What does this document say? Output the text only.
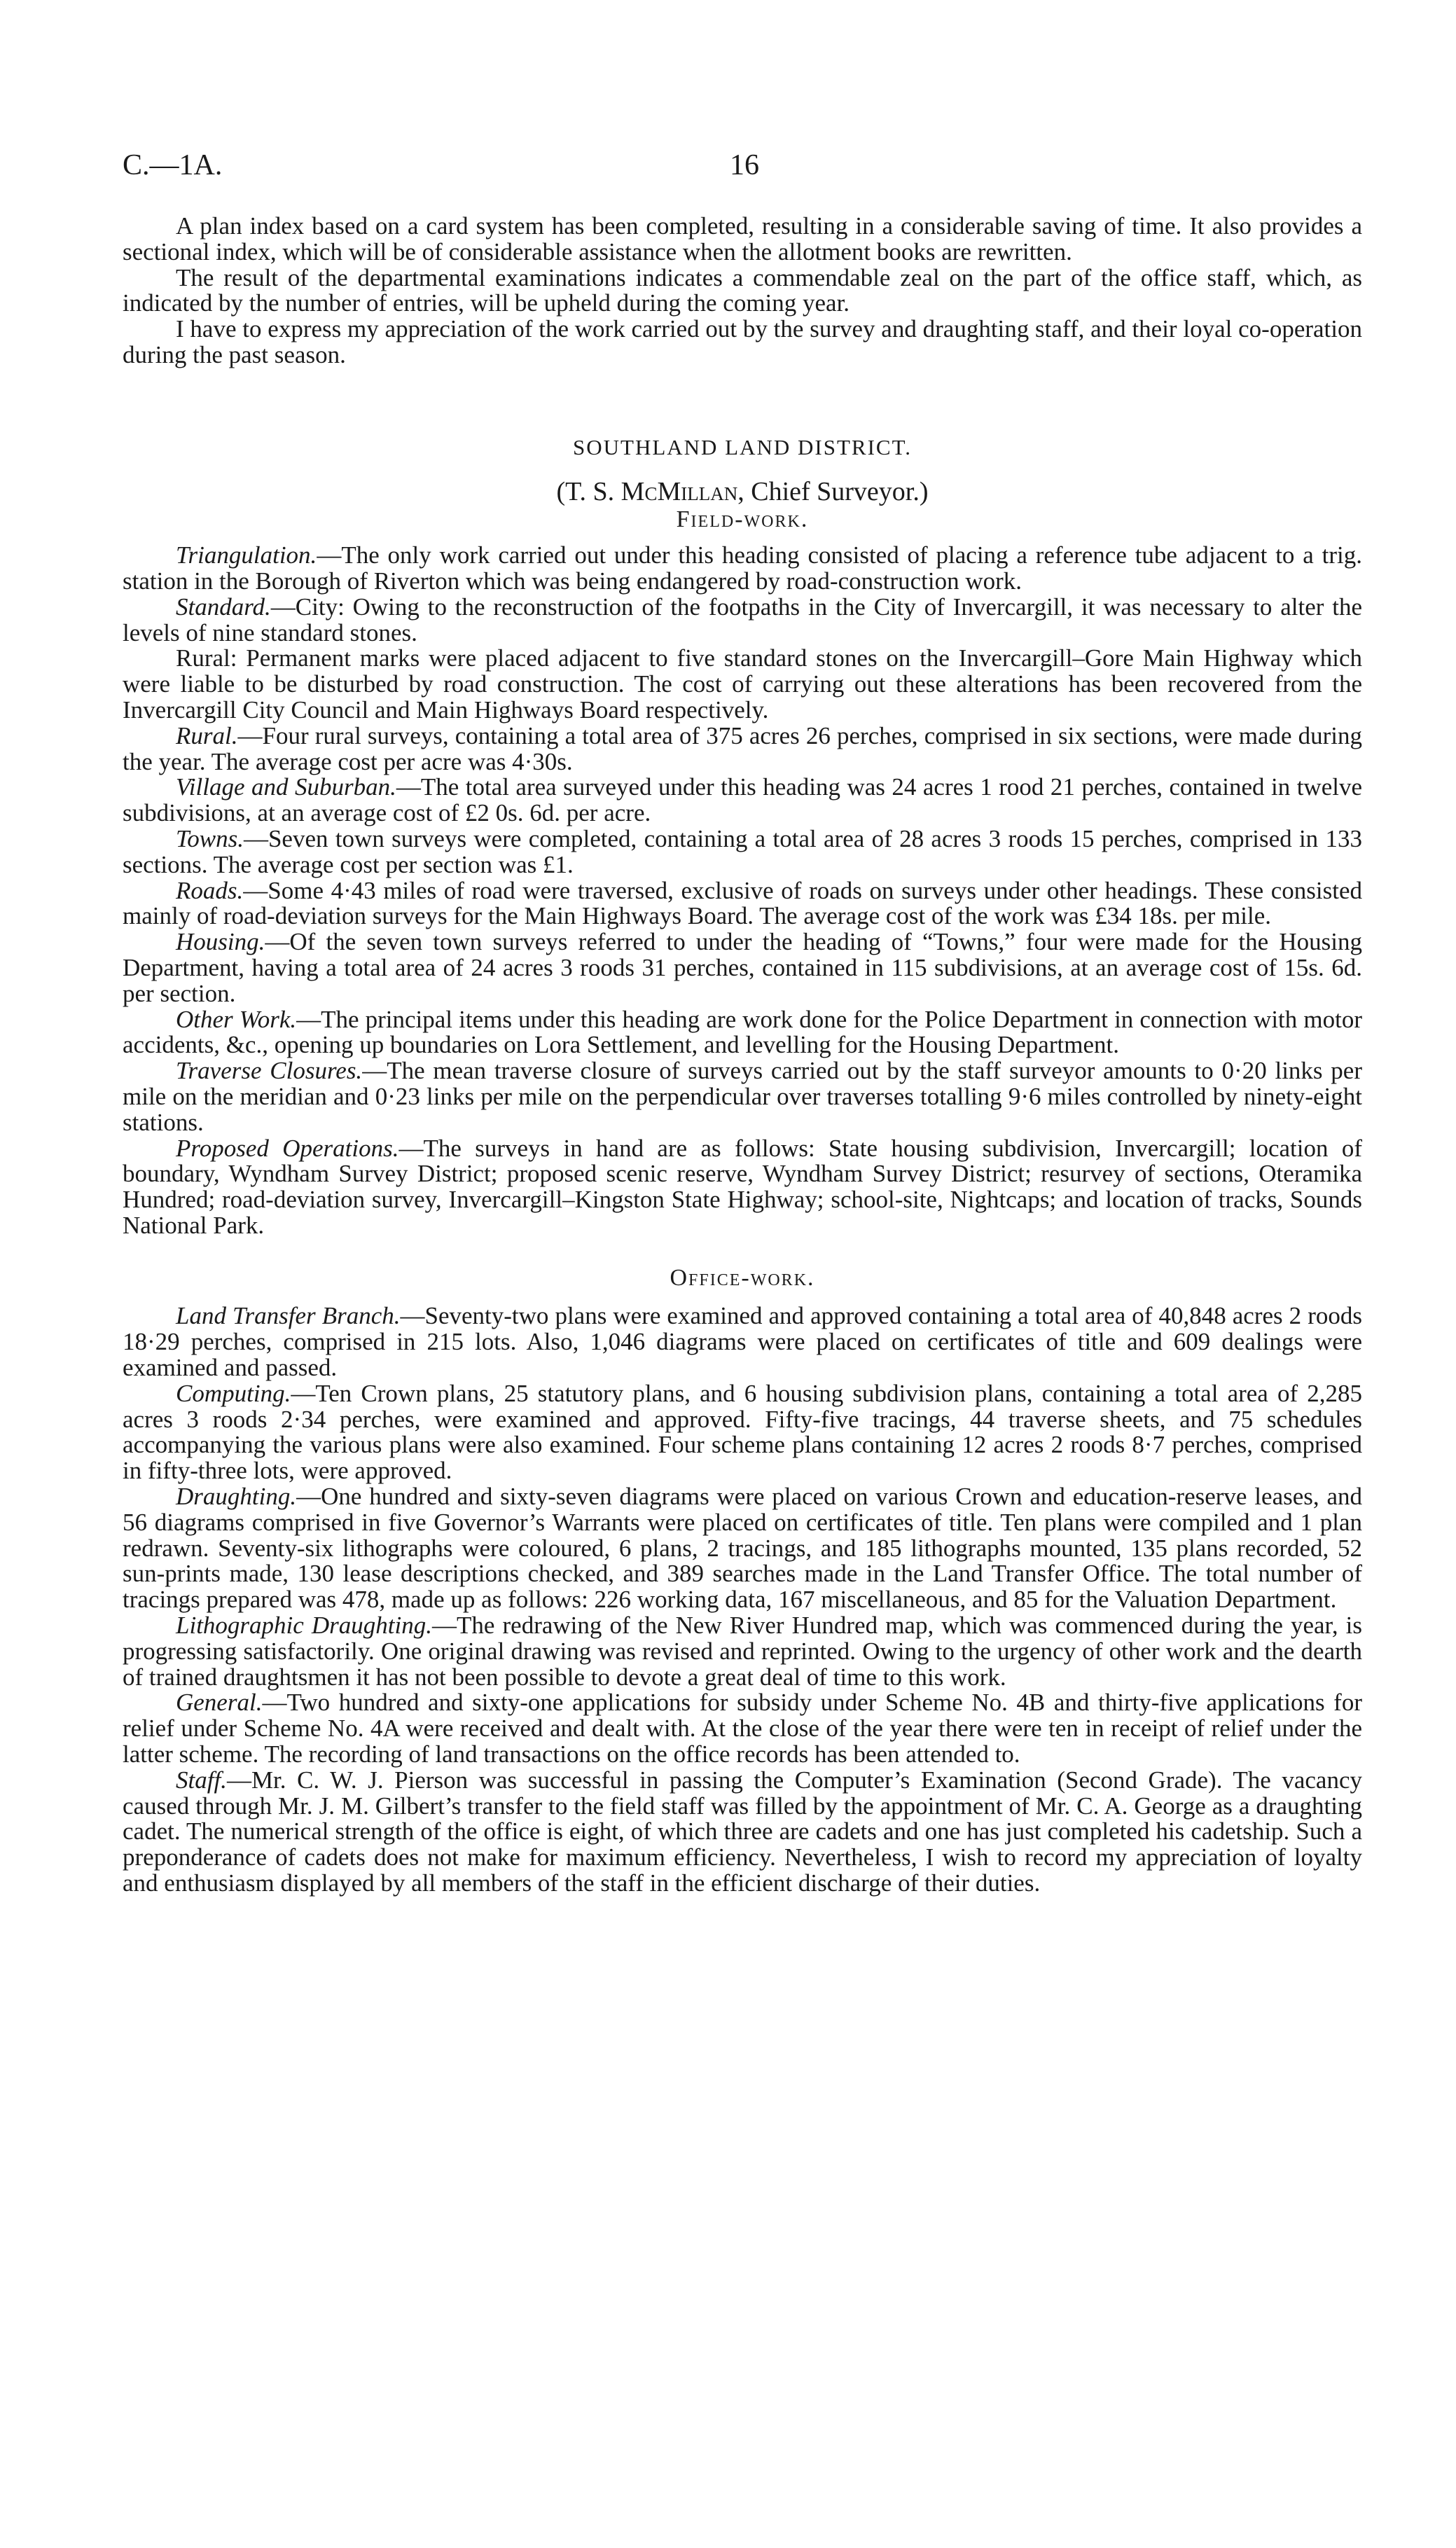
C.—1A.	16

A plan index based on a card system has been completed, resulting in a considerable saving of time. It also provides a sectional index, which will be of considerable assistance when the allotment books are rewritten.

The result of the departmental examinations indicates a commendable zeal on the part of the office staff, which, as indicated by the number of entries, will be upheld during the coming year.

I have to express my appreciation of the work carried out by the survey and draughting staff, and their loyal co-operation during the past season.

SOUTHLAND LAND DISTRICT.
(T. S. McMillan, Chief Surveyor.)
Field-work.

Triangulation.—The only work carried out under this heading consisted of placing a reference tube adjacent to a trig. station in the Borough of Riverton which was being endangered by road-construction work.

Standard.—City: Owing to the reconstruction of the footpaths in the City of Invercargill, it was necessary to alter the levels of nine standard stones.

Rural: Permanent marks were placed adjacent to five standard stones on the Invercargill–Gore Main Highway which were liable to be disturbed by road construction. The cost of carrying out these alterations has been recovered from the Invercargill City Council and Main Highways Board respectively.

Rural.—Four rural surveys, containing a total area of 375 acres 26 perches, comprised in six sections, were made during the year. The average cost per acre was 4·30s.

Village and Suburban.—The total area surveyed under this heading was 24 acres 1 rood 21 perches, contained in twelve subdivisions, at an average cost of £2 0s. 6d. per acre.

Towns.—Seven town surveys were completed, containing a total area of 28 acres 3 roods 15 perches, comprised in 133 sections. The average cost per section was £1.

Roads.—Some 4·43 miles of road were traversed, exclusive of roads on surveys under other headings. These consisted mainly of road-deviation surveys for the Main Highways Board. The average cost of the work was £34 18s. per mile.

Housing.—Of the seven town surveys referred to under the heading of “Towns,” four were made for the Housing Department, having a total area of 24 acres 3 roods 31 perches, contained in 115 subdivisions, at an average cost of 15s. 6d. per section.

Other Work.—The principal items under this heading are work done for the Police Department in connection with motor accidents, &c., opening up boundaries on Lora Settlement, and levelling for the Housing Department.

Traverse Closures.—The mean traverse closure of surveys carried out by the staff surveyor amounts to 0·20 links per mile on the meridian and 0·23 links per mile on the perpendicular over traverses totalling 9·6 miles controlled by ninety-eight stations.

Proposed Operations.—The surveys in hand are as follows: State housing subdivision, Invercargill; location of boundary, Wyndham Survey District; proposed scenic reserve, Wyndham Survey District; resurvey of sections, Oteramika Hundred; road-deviation survey, Invercargill–Kingston State Highway; school-site, Nightcaps; and location of tracks, Sounds National Park.

Office-work.

Land Transfer Branch.—Seventy-two plans were examined and approved containing a total area of 40,848 acres 2 roods 18·29 perches, comprised in 215 lots. Also, 1,046 diagrams were placed on certificates of title and 609 dealings were examined and passed.

Computing.—Ten Crown plans, 25 statutory plans, and 6 housing subdivision plans, containing a total area of 2,285 acres 3 roods 2·34 perches, were examined and approved. Fifty-five tracings, 44 traverse sheets, and 75 schedules accompanying the various plans were also examined. Four scheme plans containing 12 acres 2 roods 8·7 perches, comprised in fifty-three lots, were approved.

Draughting.—One hundred and sixty-seven diagrams were placed on various Crown and education-reserve leases, and 56 diagrams comprised in five Governor’s Warrants were placed on certificates of title. Ten plans were compiled and 1 plan redrawn. Seventy-six lithographs were coloured, 6 plans, 2 tracings, and 185 lithographs mounted, 135 plans recorded, 52 sun-prints made, 130 lease descriptions checked, and 389 searches made in the Land Transfer Office. The total number of tracings prepared was 478, made up as follows: 226 working data, 167 miscellaneous, and 85 for the Valuation Department.

Lithographic Draughting.—The redrawing of the New River Hundred map, which was commenced during the year, is progressing satisfactorily. One original drawing was revised and reprinted. Owing to the urgency of other work and the dearth of trained draughtsmen it has not been possible to devote a great deal of time to this work.

General.—Two hundred and sixty-one applications for subsidy under Scheme No. 4B and thirty-five applications for relief under Scheme No. 4A were received and dealt with. At the close of the year there were ten in receipt of relief under the latter scheme. The recording of land transactions on the office records has been attended to.

Staff.—Mr. C. W. J. Pierson was successful in passing the Computer’s Examination (Second Grade). The vacancy caused through Mr. J. M. Gilbert’s transfer to the field staff was filled by the appointment of Mr. C. A. George as a draughting cadet. The numerical strength of the office is eight, of which three are cadets and one has just completed his cadetship. Such a preponderance of cadets does not make for maximum efficiency. Nevertheless, I wish to record my appreciation of loyalty and enthusiasm displayed by all members of the staff in the efficient discharge of their duties.
